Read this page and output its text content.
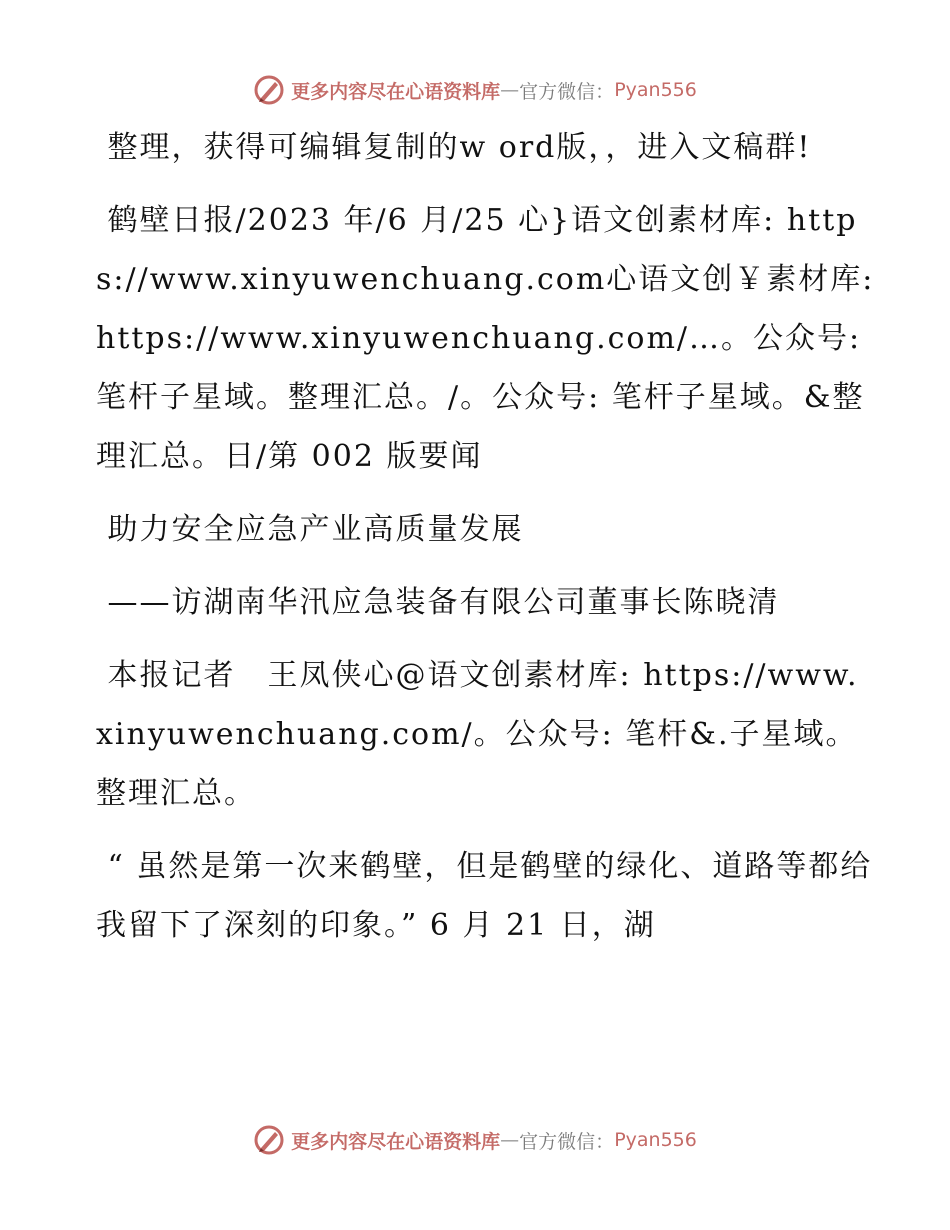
更多内容尽在心语资料库 — 官方微信： Pyan556

整理，获得可编辑复制的w ord版，，进入文稿群!

鹤壁日报/2023 年/6 月/25 心}语文创素材库: https://www.xinyuwenchuang.com心语文创￥素材库: https://www.xinyuwenchuang.com/…。公众号: 笔杆子星域。整理汇总。/。公众号: 笔杆子星域。&整理汇总。日/第 002 版要闻

助力安全应急产业高质量发展

——访湖南华汛应急装备有限公司董事长陈晓清

本报记者　王凤侠心@语文创素材库: https://www.xinyuwenchuang.com/。公众号: 笔杆&.子星域。整理汇总。

“ 虽然是第一次来鹤壁，但是鹤壁的绿化、道路等都给我留下了深刻的印象。” 6 月 21 日，湖

更多内容尽在心语资料库 — 官方微信： Pyan556
